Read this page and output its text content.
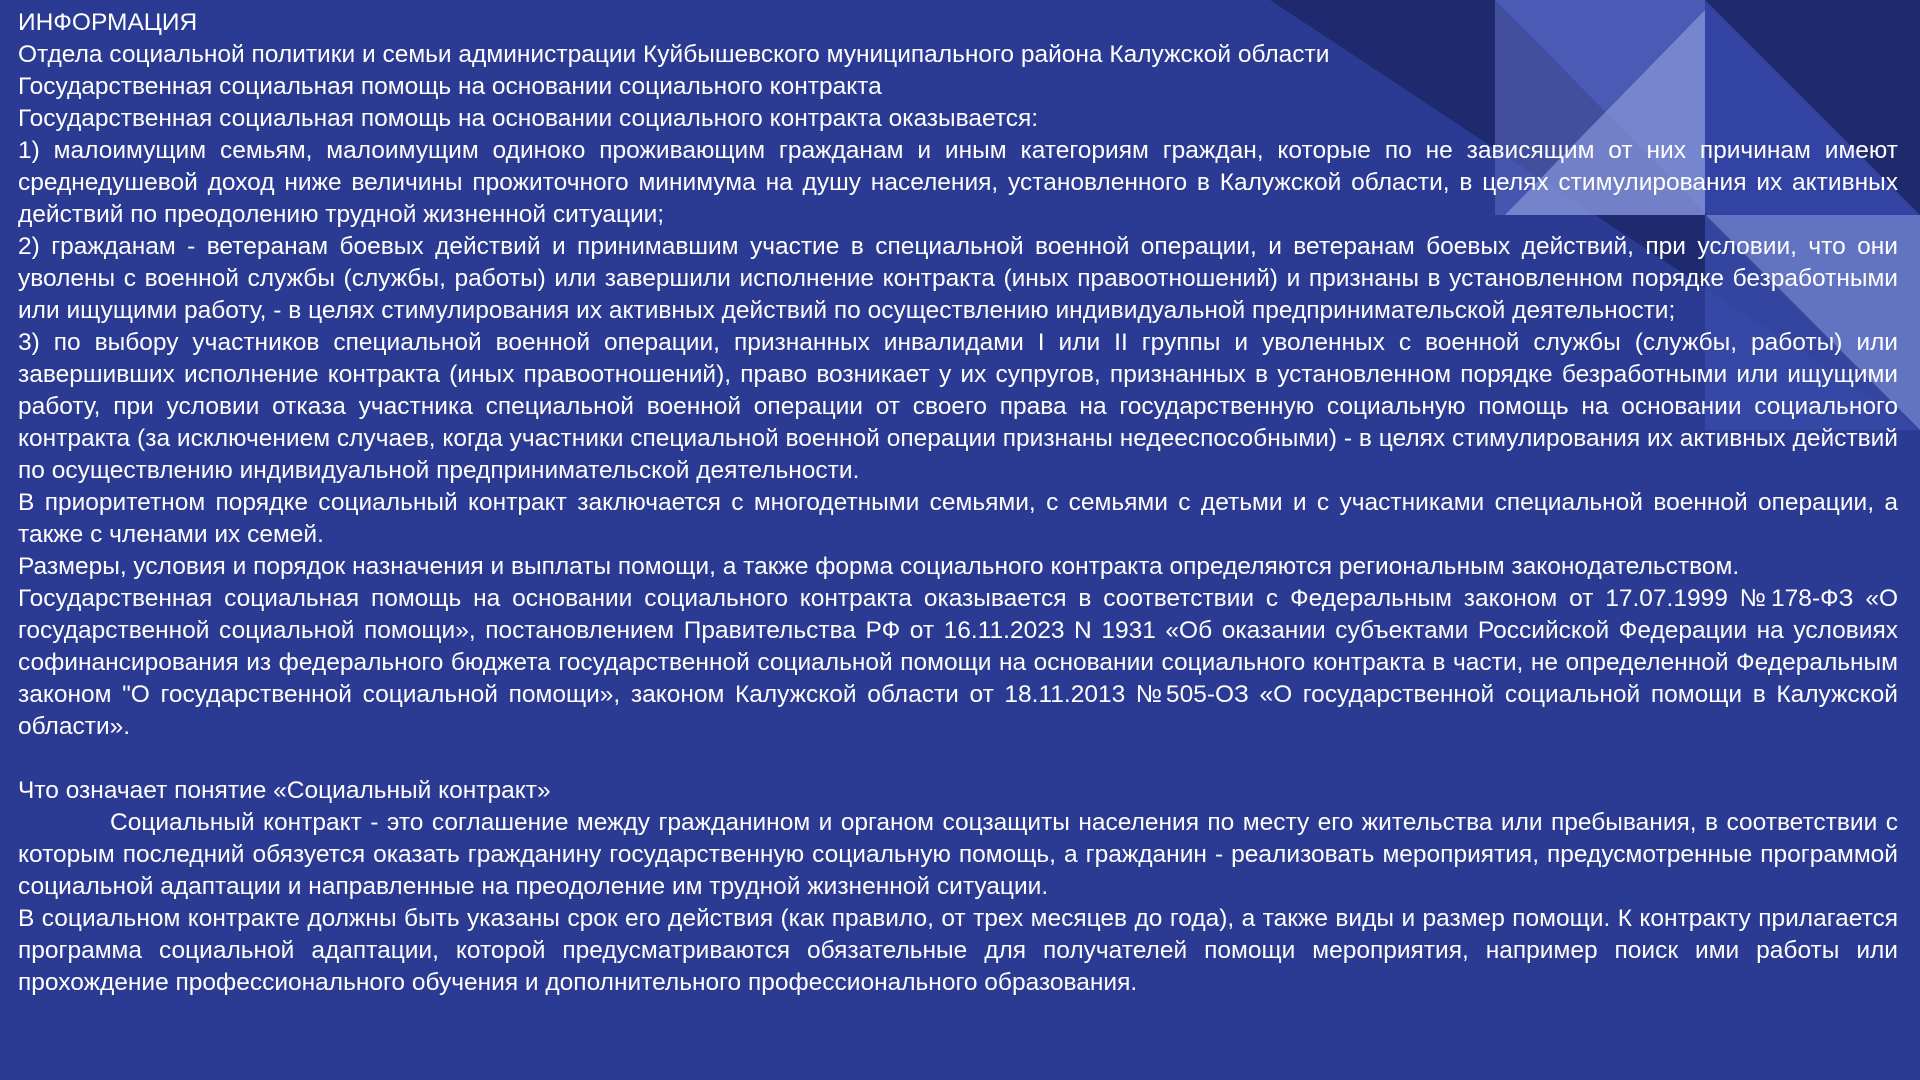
ИНФОРМАЦИЯ
Отдела социальной политики и семьи администрации Куйбышевского муниципального района Калужской области
Государственная социальная помощь на основании социального контракта
Государственная социальная помощь на основании социального контракта оказывается:
1) малоимущим семьям, малоимущим одиноко проживающим гражданам и иным категориям граждан, которые по не зависящим от них причинам имеют среднедушевой доход ниже величины прожиточного минимума на душу населения, установленного в Калужской области, в целях стимулирования их активных действий по преодолению трудной жизненной ситуации;
2) гражданам - ветеранам боевых действий и принимавшим участие в специальной военной операции, и ветеранам боевых действий, при условии, что они уволены с военной службы (службы, работы) или завершили исполнение контракта (иных правоотношений) и признаны в установленном порядке безработными или ищущими работу, - в целях стимулирования их активных действий по осуществлению индивидуальной предпринимательской деятельности;
3) по выбору участников специальной военной операции, признанных инвалидами I или II группы и уволенных с военной службы (службы, работы) или завершивших исполнение контракта (иных правоотношений), право возникает у их супругов, признанных в установленном порядке безработными или ищущими работу, при условии отказа участника специальной военной операции от своего права на государственную социальную помощь на основании социального контракта (за исключением случаев, когда участники специальной военной операции признаны недееспособными) - в целях стимулирования их активных действий по осуществлению индивидуальной предпринимательской деятельности.
В приоритетном порядке социальный контракт заключается с многодетными семьями, с семьями с детьми и с участниками специальной военной операции, а также с членами их семей.
Размеры, условия и порядок назначения и выплаты помощи, а также форма социального контракта определяются региональным законодательством.
Государственная социальная помощь на основании социального контракта оказывается в соответствии с Федеральным законом от 17.07.1999 №178-ФЗ «О государственной социальной помощи», постановлением Правительства РФ от 16.11.2023 N 1931 «Об оказании субъектами Российской Федерации на условиях софинансирования из федерального бюджета государственной социальной помощи на основании социального контракта в части, не определенной Федеральным законом "О государственной социальной помощи», законом Калужской области от 18.11.2013 №505-ОЗ «О государственной социальной помощи в Калужской области».
Что означает понятие «Социальный контракт»
Социальный контракт - это соглашение между гражданином и органом соцзащиты населения по месту его жительства или пребывания, в соответствии с которым последний обязуется оказать гражданину государственную социальную помощь, а гражданин - реализовать мероприятия, предусмотренные программой социальной адаптации и направленные на преодоление им трудной жизненной ситуации.
В социальном контракте должны быть указаны срок его действия (как правило, от трех месяцев до года), а также виды и размер помощи. К контракту прилагается программа социальной адаптации, которой предусматриваются обязательные для получателей помощи мероприятия, например поиск ими работы или прохождение профессионального обучения и дополнительного профессионального образования.
